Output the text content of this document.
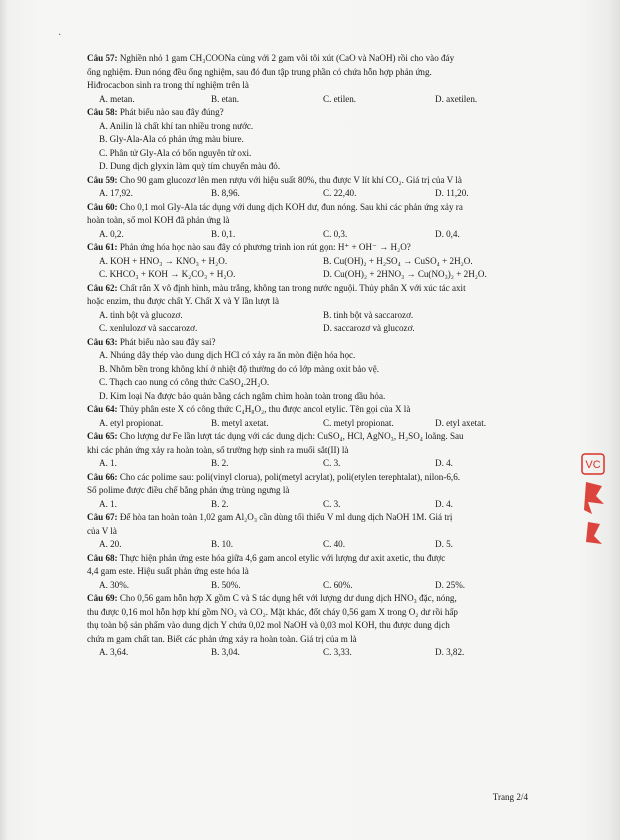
·
Câu 57: Nghiền nhỏ 1 gam CH₃COONa cùng với 2 gam vôi tôi xút (CaO và NaOH) rồi cho vào đáy
ống nghiệm. Đun nóng đều ống nghiệm, sau đó đun tập trung phần có chứa hỗn hợp phản ứng.
Hiđrocacbon sinh ra trong thí nghiệm trên là
A. metan.	B. etan.	C. etilen.	D. axetilen.
Câu 58: Phát biểu nào sau đây đúng?
A. Anilin là chất khí tan nhiều trong nước.
B. Gly-Ala-Ala có phản ứng màu biure.
C. Phân tử Gly-Ala có bốn nguyên tử oxi.
D. Dung dịch glyxin làm quỳ tím chuyển màu đỏ.
Câu 59: Cho 90 gam glucozơ lên men rượu với hiệu suất 80%, thu được V lít khí CO₂. Giá trị của V là
A. 17,92.	B. 8,96.	C. 22,40.	D. 11,20.
Câu 60: Cho 0,1 mol Gly-Ala tác dụng với dung dịch KOH dư, đun nóng. Sau khi các phản ứng xảy ra
hoàn toàn, số mol KOH đã phản ứng là
A. 0,2.	B. 0,1.	C. 0,3.	D. 0,4.
Câu 61: Phản ứng hóa học nào sau đây có phương trình ion rút gọn: H⁺ + OH⁻ → H₂O?
A. KOH + HNO₃ → KNO₃ + H₂O.	B. Cu(OH)₂ + H₂SO₄ → CuSO₄ + 2H₂O.
C. KHCO₃ + KOH → K₂CO₃ + H₂O.	D. Cu(OH)₂ + 2HNO₃ → Cu(NO₃)₂ + 2H₂O.
Câu 62: Chất rắn X vô định hình, màu trắng, không tan trong nước nguội. Thủy phân X với xúc tác axit
hoặc enzim, thu được chất Y. Chất X và Y lần lượt là
A. tinh bột và glucozơ.	B. tinh bột và saccarozơ.
C. xenlulozơ và saccarozơ.	D. saccarozơ và glucozơ.
Câu 63: Phát biểu nào sau đây sai?
A. Nhúng dây thép vào dung dịch HCl có xảy ra ăn mòn điện hóa học.
B. Nhôm bền trong không khí ở nhiệt độ thường do có lớp màng oxit bảo vệ.
C. Thạch cao nung có công thức CaSO₄.2H₂O.
D. Kim loại Na được bảo quản bằng cách ngâm chìm hoàn toàn trong dầu hỏa.
Câu 64: Thủy phân este X có công thức C₄H₈O₂, thu được ancol etylic. Tên gọi của X là
A. etyl propionat.	B. metyl axetat.	C. metyl propionat.	D. etyl axetat.
Câu 65: Cho lượng dư Fe lần lượt tác dụng với các dung dịch: CuSO₄, HCl, AgNO₃, H₂SO₄ loãng. Sau
khi các phản ứng xảy ra hoàn toàn, số trường hợp sinh ra muối sắt(II) là
A. 1.	B. 2.	C. 3.	D. 4.
Câu 66: Cho các polime sau: poli(vinyl clorua), poli(metyl acrylat), poli(etylen terephtalat), nilon-6,6.
Số polime được điều chế bằng phản ứng trùng ngưng là
A. 1.	B. 2.	C. 3.	D. 4.
Câu 67: Để hòa tan hoàn toàn 1,02 gam Al₂O₃ cần dùng tối thiểu V ml dung dịch NaOH 1M. Giá trị
của V là
A. 20.	B. 10.	C. 40.	D. 5.
Câu 68: Thực hiện phản ứng este hóa giữa 4,6 gam ancol etylic với lượng dư axit axetic, thu được
4,4 gam este. Hiệu suất phản ứng este hóa là
A. 30%.	B. 50%.	C. 60%.	D. 25%.
Câu 69: Cho 0,56 gam hỗn hợp X gồm C và S tác dụng hết với lượng dư dung dịch HNO₃ đặc, nóng,
thu được 0,16 mol hỗn hợp khí gồm NO₂ và CO₂. Mặt khác, đốt cháy 0,56 gam X trong O₂ dư rồi hấp
thụ toàn bộ sản phẩm vào dung dịch Y chứa 0,02 mol NaOH và 0,03 mol KOH, thu được dung dịch
chứa m gam chất tan. Biết các phản ứng xảy ra hoàn toàn. Giá trị của m là
A. 3,64.	B. 3,04.	C. 3,33.	D. 3,82.
Trang 2/4
VC
